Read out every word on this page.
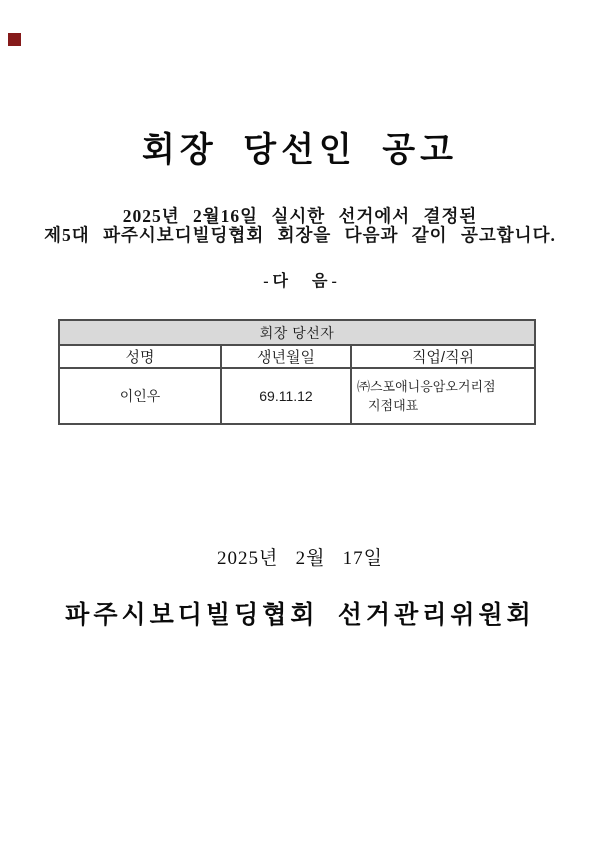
회장 당선인 공고
2025년 2월16일 실시한 선거에서 결정된
제5대 파주시보디빌딩협회 회장을 다음과 같이 공고합니다.
- 다      음 -
회장 당선자		
성명	생년월일	직업/직위
이인우	69.11.12	㈜스포애니응암오거리점
지점대표
2025년   2월   17일
파주시보디빌딩협회 선거관리위원회
